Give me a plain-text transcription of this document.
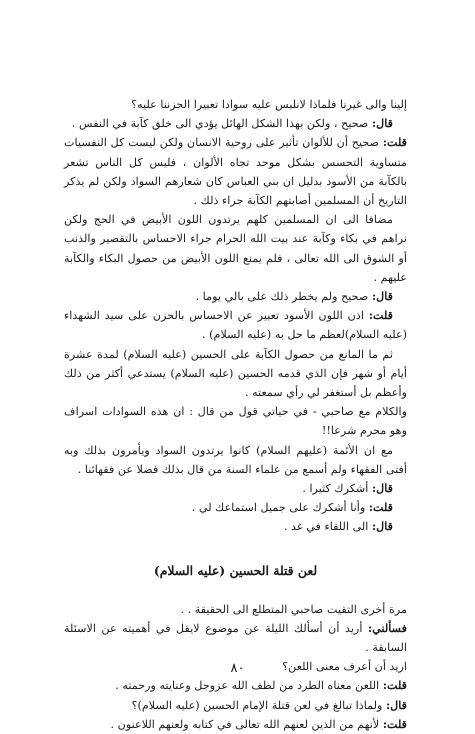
إلينا والى غيرنا فلماذا لانلبس عليه سوادا تعبيرا الحزننا عليه؟

قال: صحيح ، ولكن بهذا الشكل الهائل يؤدي الى خلق كآبة في النفس .

قلت: صحيح أن للألوان تأثير على روحية الانسان ولكن ليست كل النفسيات متساوية التحسس بشكل موحد تجاه الألوان ، فليس كل الناس تشعر بالكآبة من الأسود بدليل ان بني العباس كان شعارهم السواد ولكن لم يذكر التاريخ أن المسلمين أصابتهم الكآبة جراء ذلك .

مضافا الى ان المسلمين كلهم يرتدون اللون الأبيض في الحج ولكن نراهم في بكاء وكآبة عند بيت الله الحرام جراء الاحساس بالتقصير والذنب أو الشوق الى الله تعالى ، فلم يمنع اللون الأبيض من حصول البكاء والكآبة عليهم .

قال: صحيح ولم يخطر ذلك على بالي يوما .

قلت: اذن اللون الأسود تعبير عن الاحساس بالحزن على سيد الشهداء (عليه السلام)لعظم ما حل به (عليه السلام) .

ثم ما المانع من حصول الكآبة على الحسين (عليه السلام) لمدة عشرة أيام أو شهر فإن الذي قدمه الحسين (عليه السلام) يستدعي أكثر من ذلك وأعظم بل أستغفر لي رأي سمعته .

والكلام مع صاحبي - في حياتي قول من قال : ان هذه السوادات اسراف وهو محرم شرعا!!

مع ان الأئمة (عليهم السلام) كانوا يرتدون السواد ويأمرون بذلك وبه أفتى الفقهاء ولم أسمع من علماء السنة من قال بذلك فضلا عن فقهائنا .

قال: أشكرك كثيرا .

قلت: وأنا أشكرك على جميل استماعك لي .

قال: الى اللقاء في غد .

لعن قتلة الحسين (عليه السلام)

مرة أخرى التقيت صاحبي المتطلع الى الحقيقة . .

فسألني: أريد أن أسألك الليلة عن موضوع لايقل في أهميته عن الاسئلة السابقة .

اريد أن أعرف معنى اللعن؟

قلت: اللعن معناه الطرد من لطف الله عزوجل وعنايته ورحمته .

قال: ولماذا تبالغ في لعن قتلة الإمام الحسين (عليه السلام)؟

قلت: لأنهم من الذين لعنهم الله تعالى في كتابه ولعنهم اللاعنون .

٨٠
